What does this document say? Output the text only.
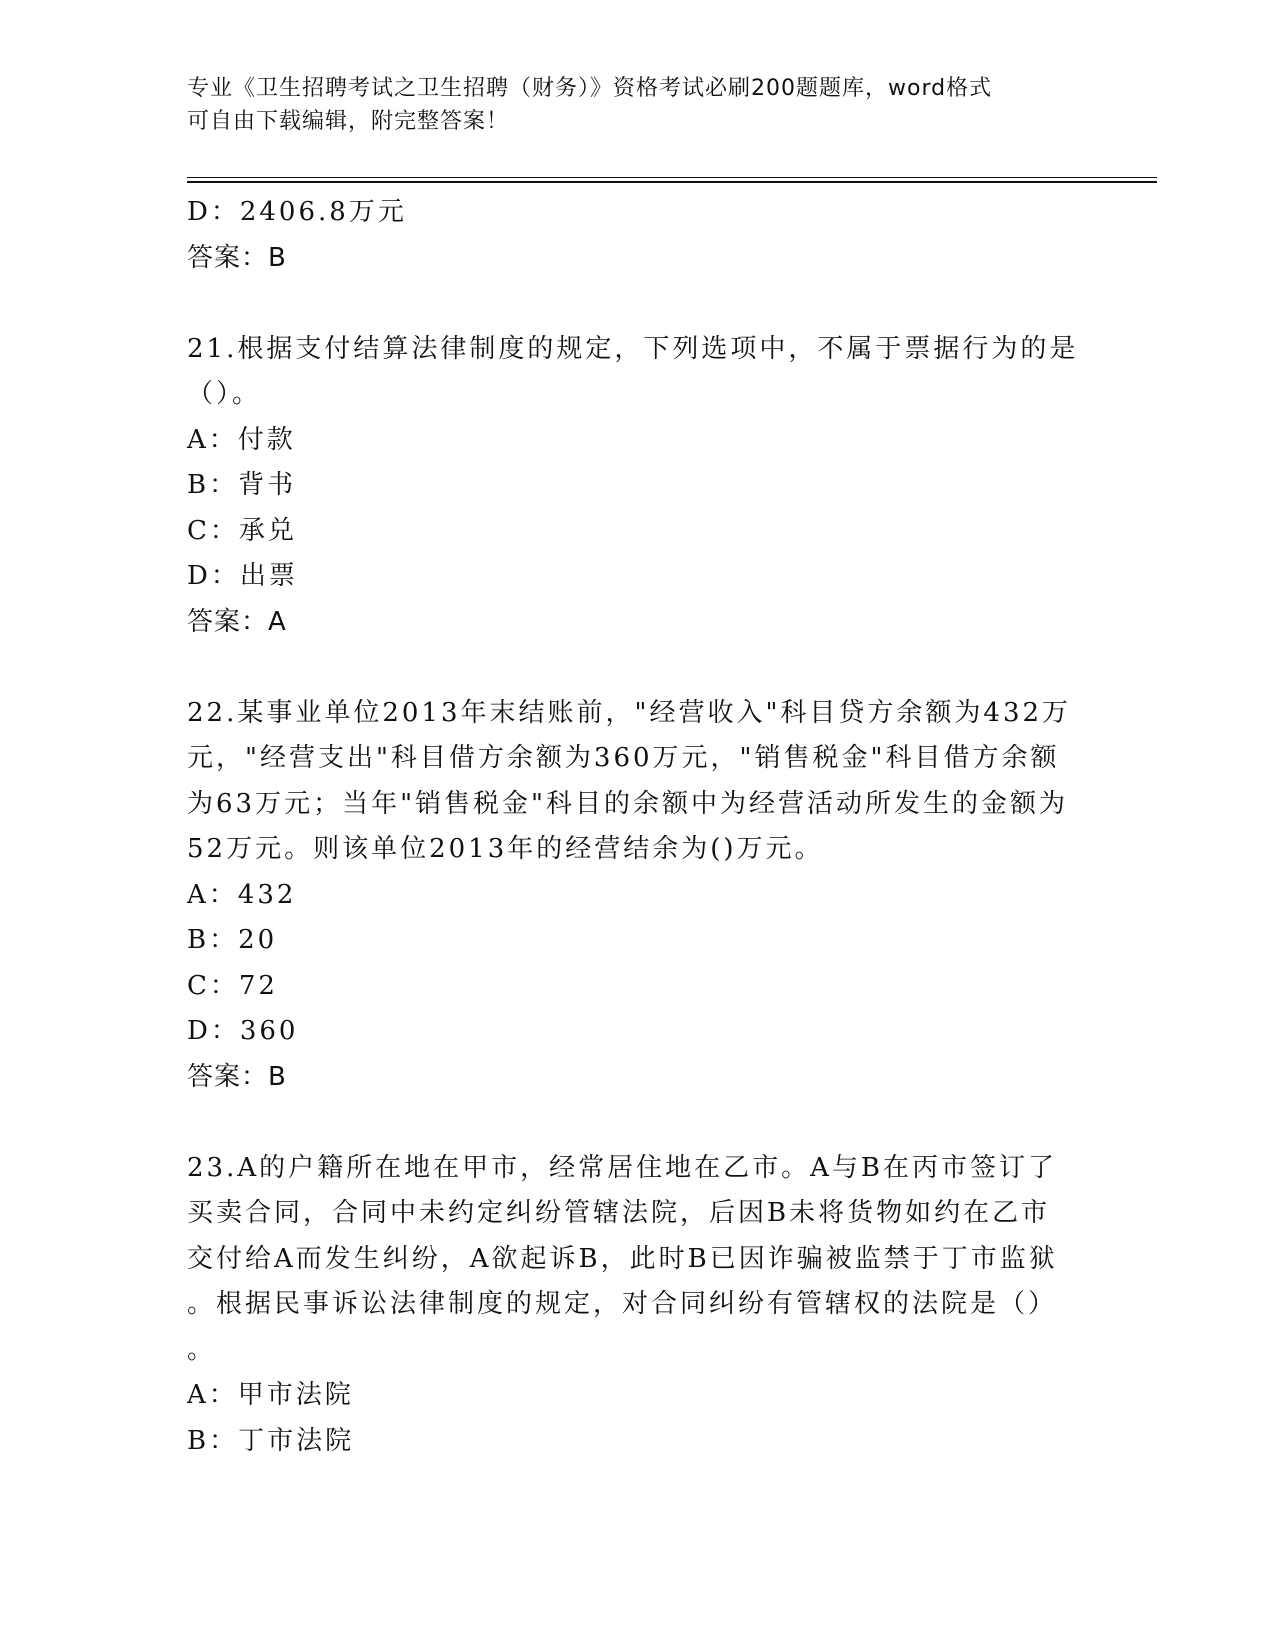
专业《卫生招聘考试之卫生招聘（财务）》资格考试必刷200题题库，word格式
可自由下载编辑，附完整答案！
D：2406.8万元
答案：B
21.根据支付结算法律制度的规定，下列选项中，不属于票据行为的是
（）。
A：付款
B：背书
C：承兑
D：出票
答案：A
22.某事业单位2013年末结账前，"经营收入"科目贷方余额为432万
元，"经营支出"科目借方余额为360万元，"销售税金"科目借方余额
为63万元；当年"销售税金"科目的余额中为经营活动所发生的金额为
52万元。则该单位2013年的经营结余为()万元。
A：432
B：20
C：72
D：360
答案：B
23.A的户籍所在地在甲市，经常居住地在乙市。A与B在丙市签订了
买卖合同，合同中未约定纠纷管辖法院，后因B未将货物如约在乙市
交付给A而发生纠纷，A欲起诉B，此时B已因诈骗被监禁于丁市监狱
。根据民事诉讼法律制度的规定，对合同纠纷有管辖权的法院是（）
。
A：甲市法院
B：丁市法院
